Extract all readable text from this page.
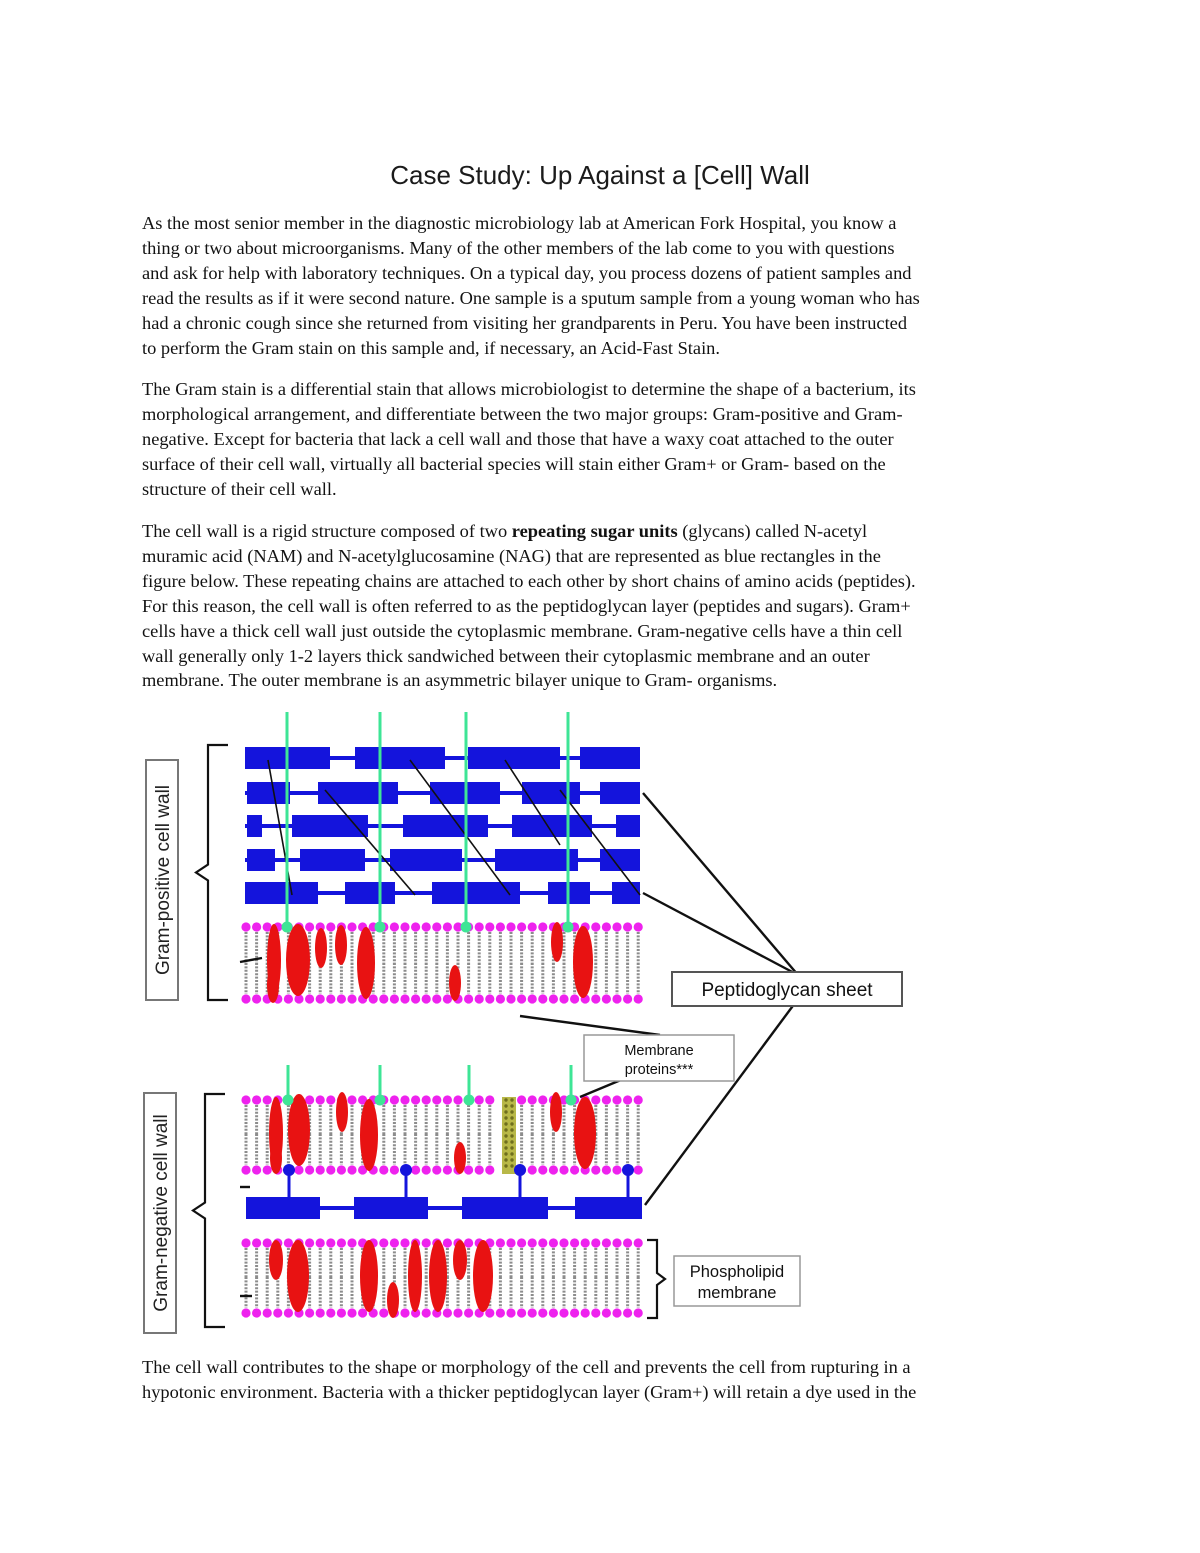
Case Study: Up Against a [Cell] Wall
As the most senior member in the diagnostic microbiology lab at American Fork Hospital, you know a
thing or two about microorganisms. Many of the other members of the lab come to you with questions
and ask for help with laboratory techniques. On a typical day, you process dozens of patient samples and
read the results as if it were second nature. One sample is a sputum sample from a young woman who has
had a chronic cough since she returned from visiting her grandparents in Peru. You have been instructed
to perform the Gram stain on this sample and, if necessary, an Acid-Fast Stain.
The Gram stain is a differential stain that allows microbiologist to determine the shape of a bacterium, its
morphological arrangement, and differentiate between the two major groups: Gram-positive and Gram-
negative. Except for bacteria that lack a cell wall and those that have a waxy coat attached to the outer
surface of their cell wall, virtually all bacterial species will stain either Gram+ or Gram- based on the
structure of their cell wall.
The cell wall is a rigid structure composed of two repeating sugar units (glycans) called N-acetyl
muramic acid (NAM) and N-acetylglucosamine (NAG) that are represented as blue rectangles in the
figure below. These repeating chains are attached to each other by short chains of amino acids (peptides).
For this reason, the cell wall is often referred to as the peptidoglycan layer (peptides and sugars). Gram+
cells have a thick cell wall just outside the cytoplasmic membrane. Gram-negative cells have a thin cell
wall generally only 1-2 layers thick sandwiched between their cytoplasmic membrane and an outer
membrane. The outer membrane is an asymmetric bilayer unique to Gram- organisms.
Gram-positive cell wall
Gram-negative cell wall
Peptidoglycan sheet
Membrane
proteins***
Phospholipid
membrane
The cell wall contributes to the shape or morphology of the cell and prevents the cell from rupturing in a
hypotonic environment. Bacteria with a thicker peptidoglycan layer (Gram+) will retain a dye used in the
